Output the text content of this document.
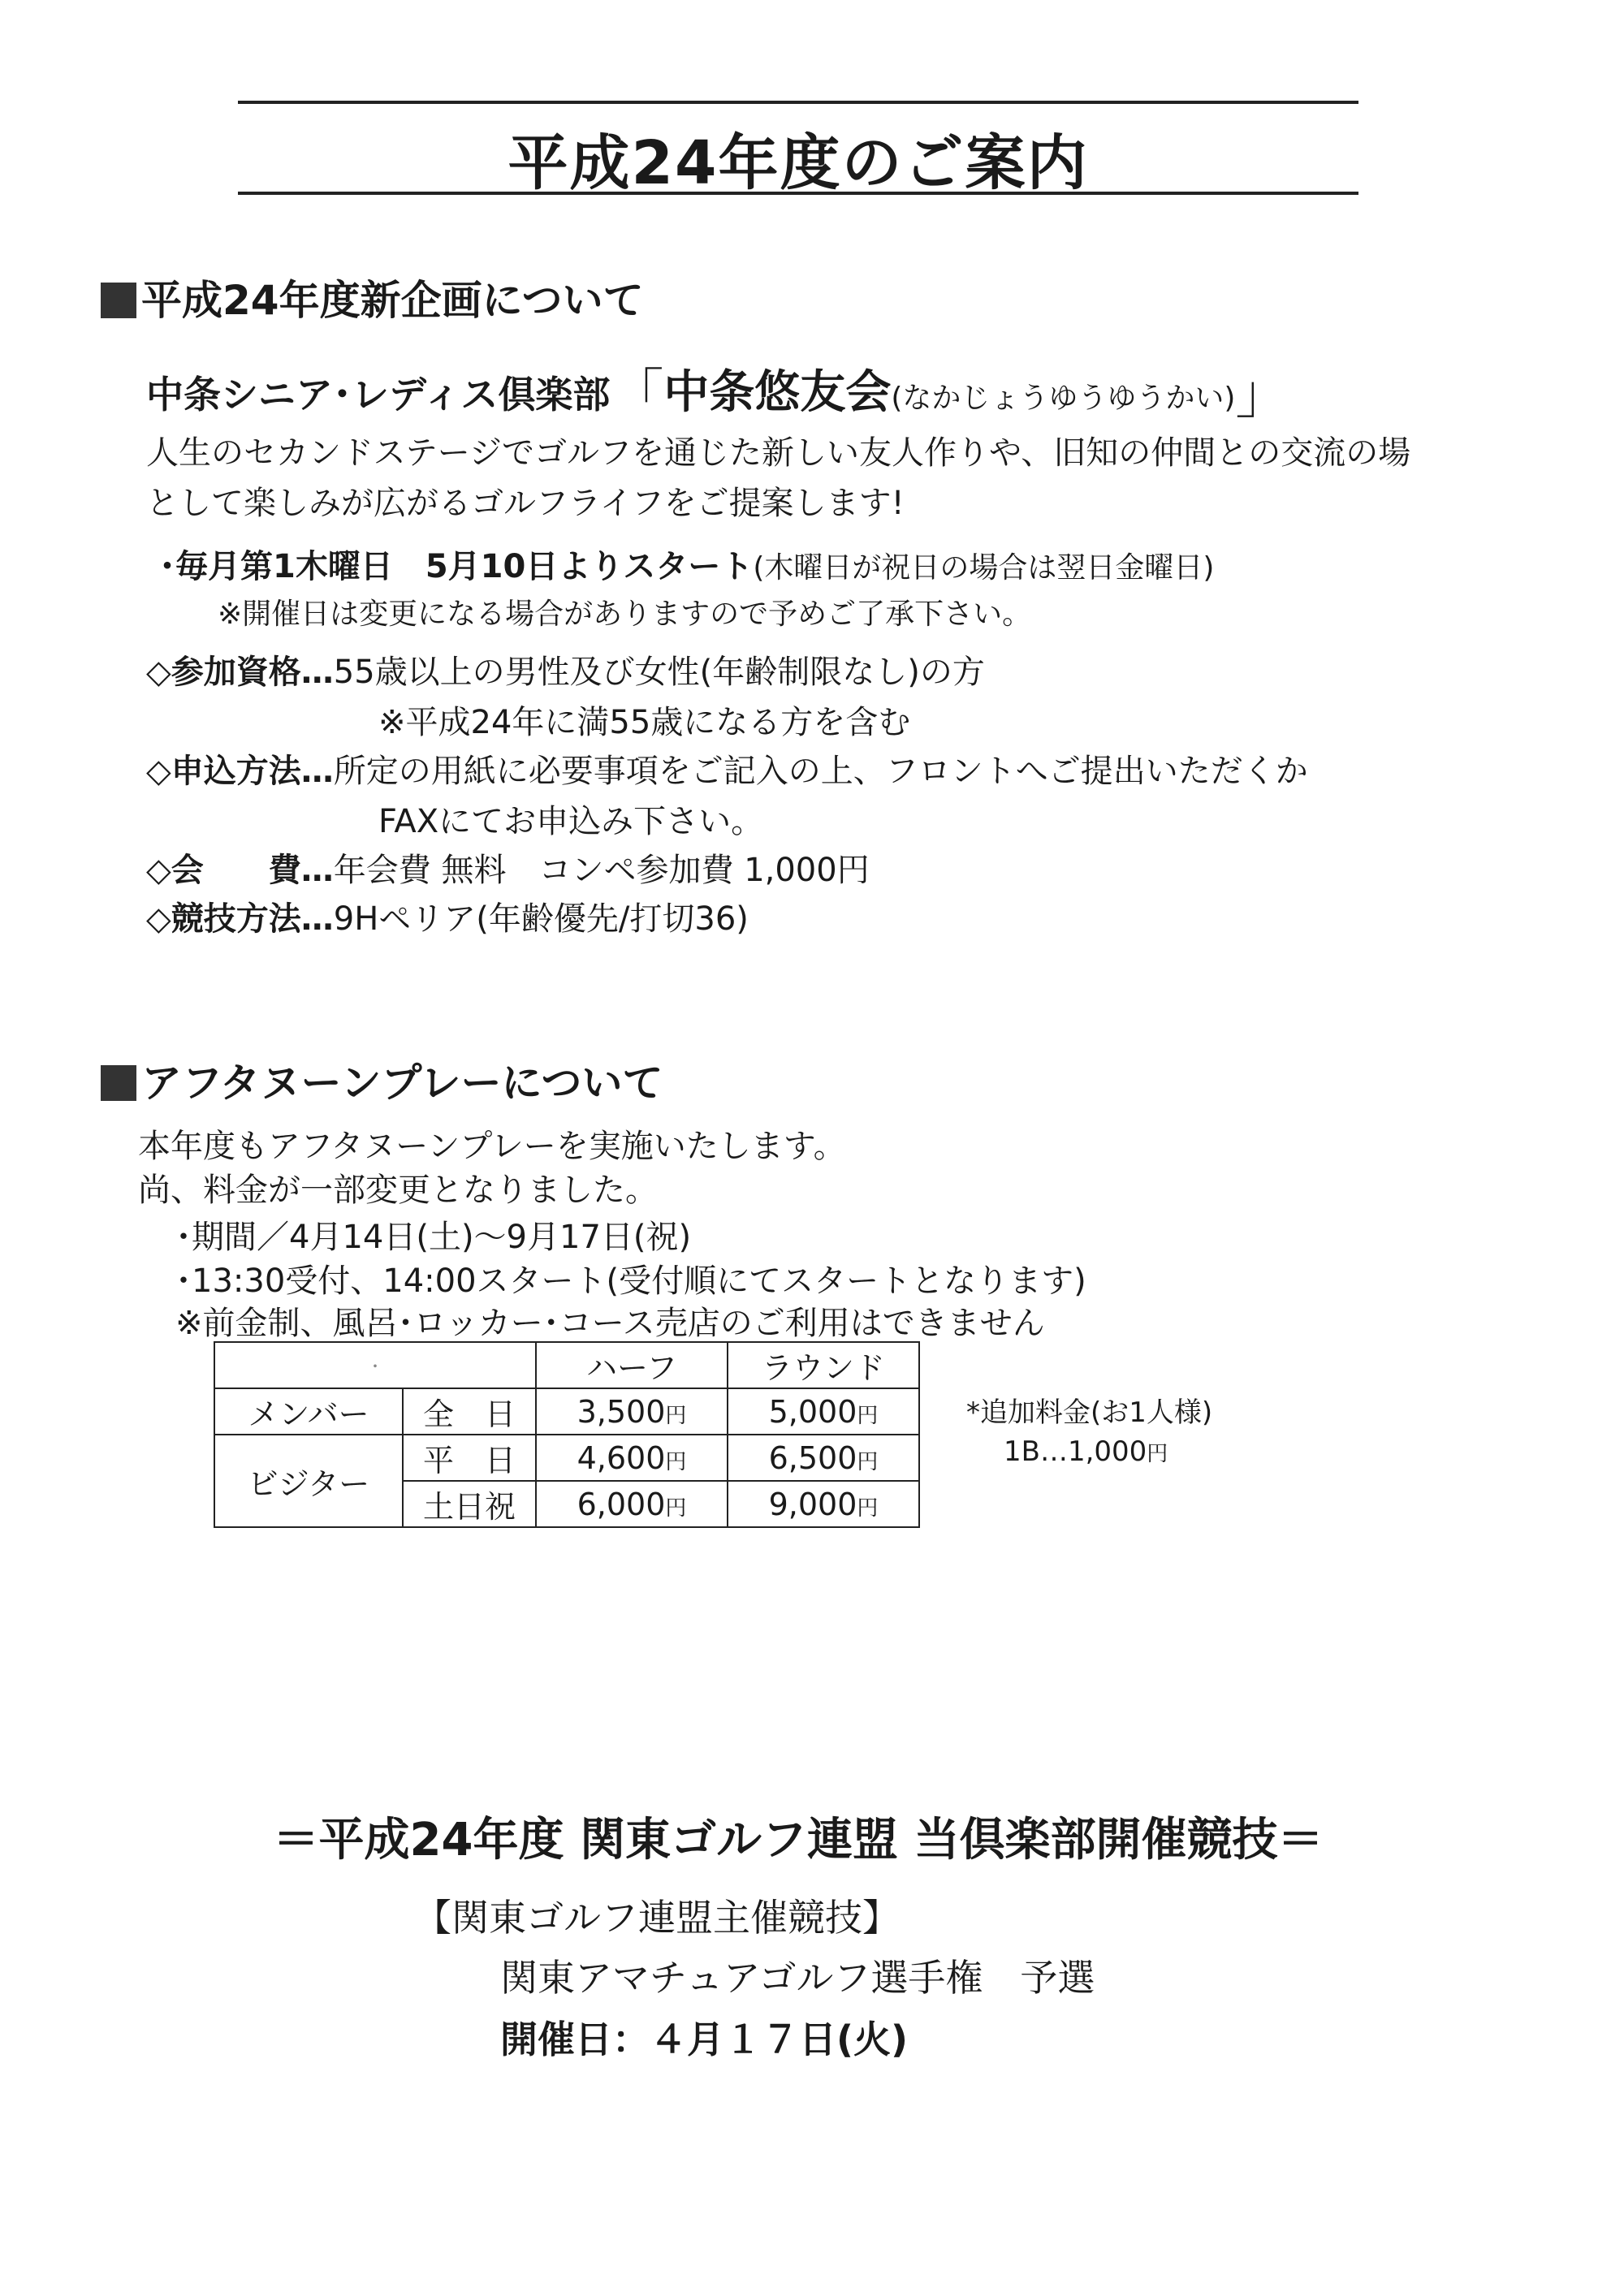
平成24年度のご案内
平成24年度新企画について
中条シニア･レディス倶楽部「中条悠友会(なかじょうゆうゆうかい)」
人生のセカンドステージでゴルフを通じた新しい友人作りや、旧知の仲間との交流の場
として楽しみが広がるゴルフライフをご提案します!
･毎月第1木曜日　5月10日よりスタート(木曜日が祝日の場合は翌日金曜日)
※開催日は変更になる場合がありますので予めご了承下さい。
◇参加資格…55歳以上の男性及び女性(年齢制限なし)の方
※平成24年に満55歳になる方を含む
◇申込方法…所定の用紙に必要事項をご記入の上、フロントへご提出いただくか
FAXにてお申込み下さい。
◇会　　費…年会費 無料　コンペ参加費 1,000円
◇競技方法…9Hペリア(年齢優先/打切36)
アフタヌーンプレーについて
本年度もアフタヌーンプレーを実施いたします。
尚、料金が一部変更となりました。
･期間／4月14日(土)～9月17日(祝)
･13:30受付、14:00スタート(受付順にてスタートとなります)
※前金制、風呂･ロッカー･コース売店のご利用はできません
・		ハーフ	ラウンド
メンバー	全　日	3,500円	5,000円
ビジター	平　日	4,600円	6,500円
	土日祝	6,000円	9,000円
*追加料金(お1人様)
1B…1,000円
＝平成24年度 関東ゴルフ連盟 当倶楽部開催競技＝
【関東ゴルフ連盟主催競技】
関東アマチュアゴルフ選手権　予選
開催日：４月１７日(火)
